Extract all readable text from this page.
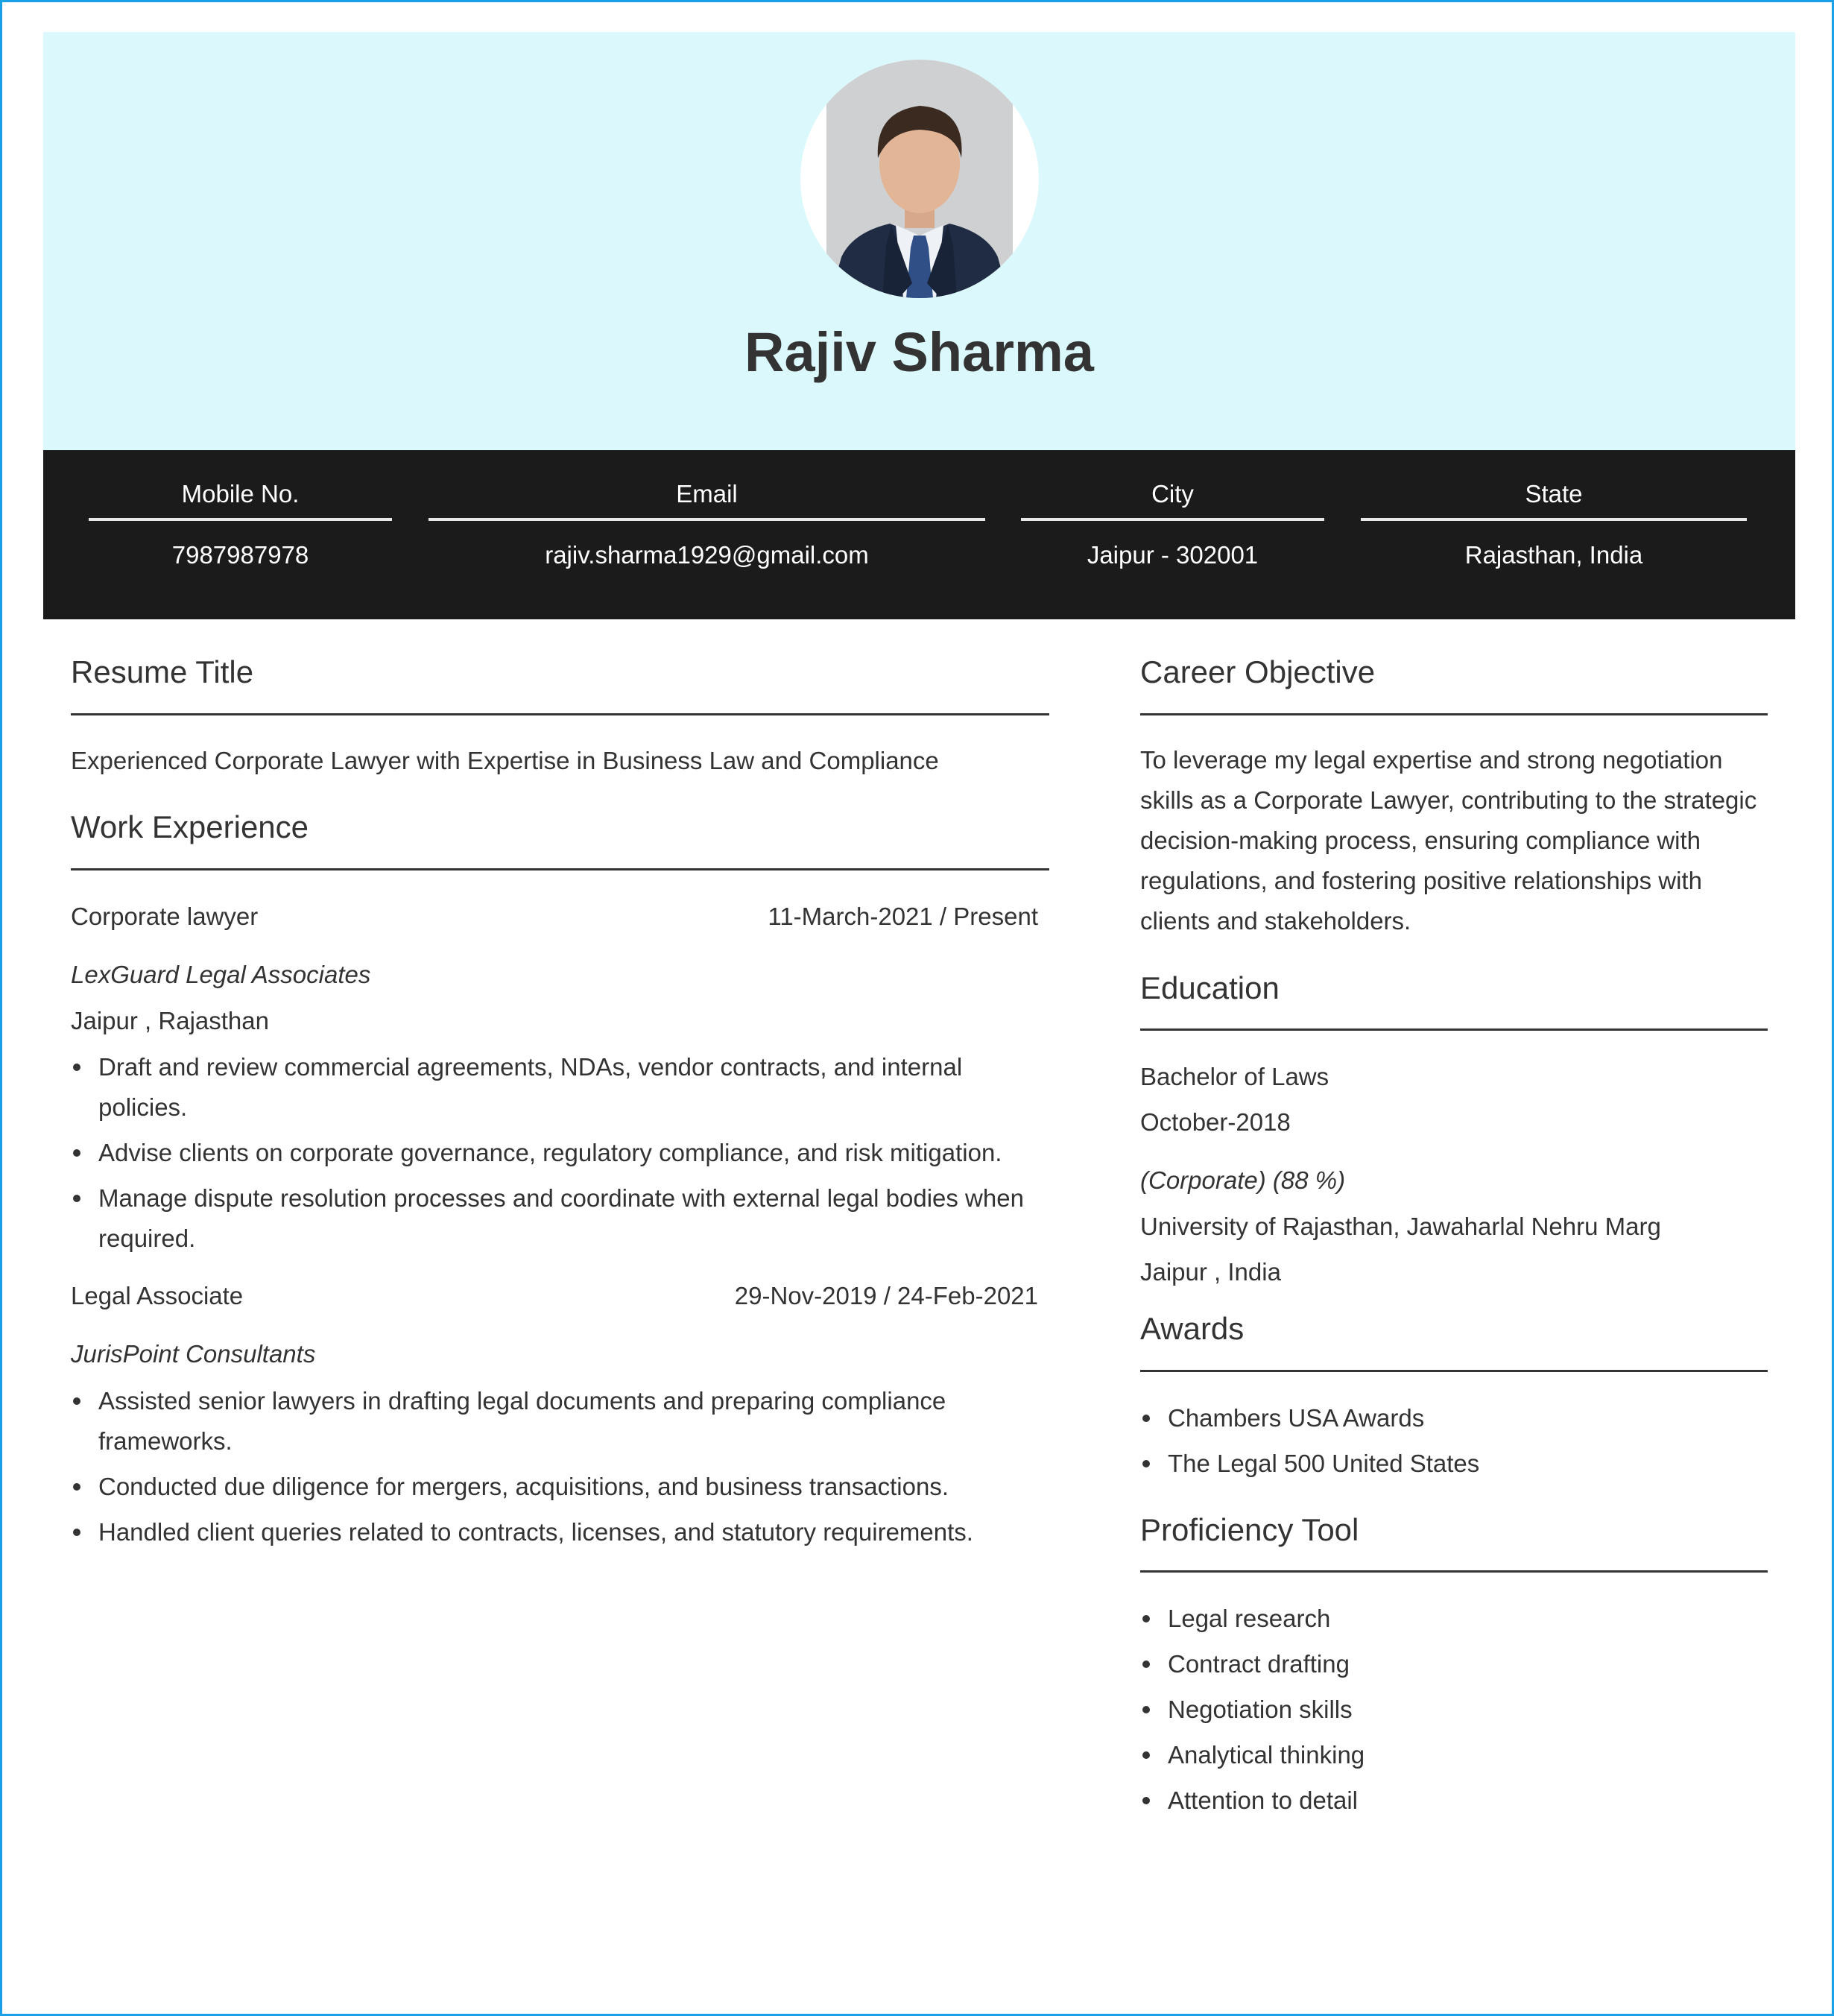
Rajiv Sharma
Mobile No.
7987987978
Email
rajiv.sharma1929@gmail.com
City
Jaipur - 302001
State
Rajasthan, India
Resume Title
Experienced Corporate Lawyer with Expertise in Business Law and Compliance
Work Experience
Corporate lawyer	11-March-2021 / Present
LexGuard Legal Associates
Jaipur , Rajasthan
Draft and review commercial agreements, NDAs, vendor contracts, and internal policies.
Advise clients on corporate governance, regulatory compliance, and risk mitigation.
Manage dispute resolution processes and coordinate with external legal bodies when required.
Legal Associate	29-Nov-2019 / 24-Feb-2021
JurisPoint Consultants
Assisted senior lawyers in drafting legal documents and preparing compliance frameworks.
Conducted due diligence for mergers, acquisitions, and business transactions.
Handled client queries related to contracts, licenses, and statutory requirements.
Career Objective
To leverage my legal expertise and strong negotiation skills as a Corporate Lawyer, contributing to the strategic decision-making process, ensuring compliance with regulations, and fostering positive relationships with clients and stakeholders.
Education
Bachelor of Laws
October-2018
(Corporate) (88 %)
University of Rajasthan, Jawaharlal Nehru Marg
Jaipur , India
Awards
Chambers USA Awards
The Legal 500 United States
Proficiency Tool
Legal research
Contract drafting
Negotiation skills
Analytical thinking
Attention to detail
